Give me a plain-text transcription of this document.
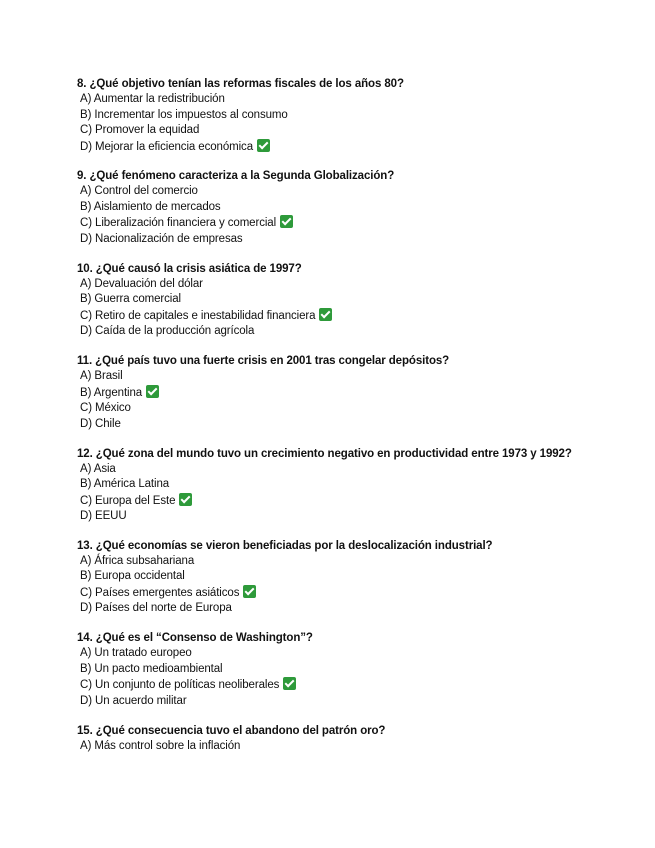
8. ¿Qué objetivo tenían las reformas fiscales de los años 80?

A) Aumentar la redistribución

B) Incrementar los impuestos al consumo

C) Promover la equidad

D) Mejorar la eficiencia económica

9. ¿Qué fenómeno caracteriza a la Segunda Globalización?

A) Control del comercio

B) Aislamiento de mercados

C) Liberalización financiera y comercial

D) Nacionalización de empresas

10. ¿Qué causó la crisis asiática de 1997?

A) Devaluación del dólar

B) Guerra comercial

C) Retiro de capitales e inestabilidad financiera

D) Caída de la producción agrícola

11. ¿Qué país tuvo una fuerte crisis en 2001 tras congelar depósitos?

A) Brasil

B) Argentina

C) México

D) Chile

12. ¿Qué zona del mundo tuvo un crecimiento negativo en productividad entre 1973 y 1992?

A) Asia

B) América Latina

C) Europa del Este

D) EEUU

13. ¿Qué economías se vieron beneficiadas por la deslocalización industrial?

A) África subsahariana

B) Europa occidental

C) Países emergentes asiáticos

D) Países del norte de Europa

14. ¿Qué es el “Consenso de Washington”?

A) Un tratado europeo

B) Un pacto medioambiental

C) Un conjunto de políticas neoliberales

D) Un acuerdo militar

15. ¿Qué consecuencia tuvo el abandono del patrón oro?

A) Más control sobre la inflación
